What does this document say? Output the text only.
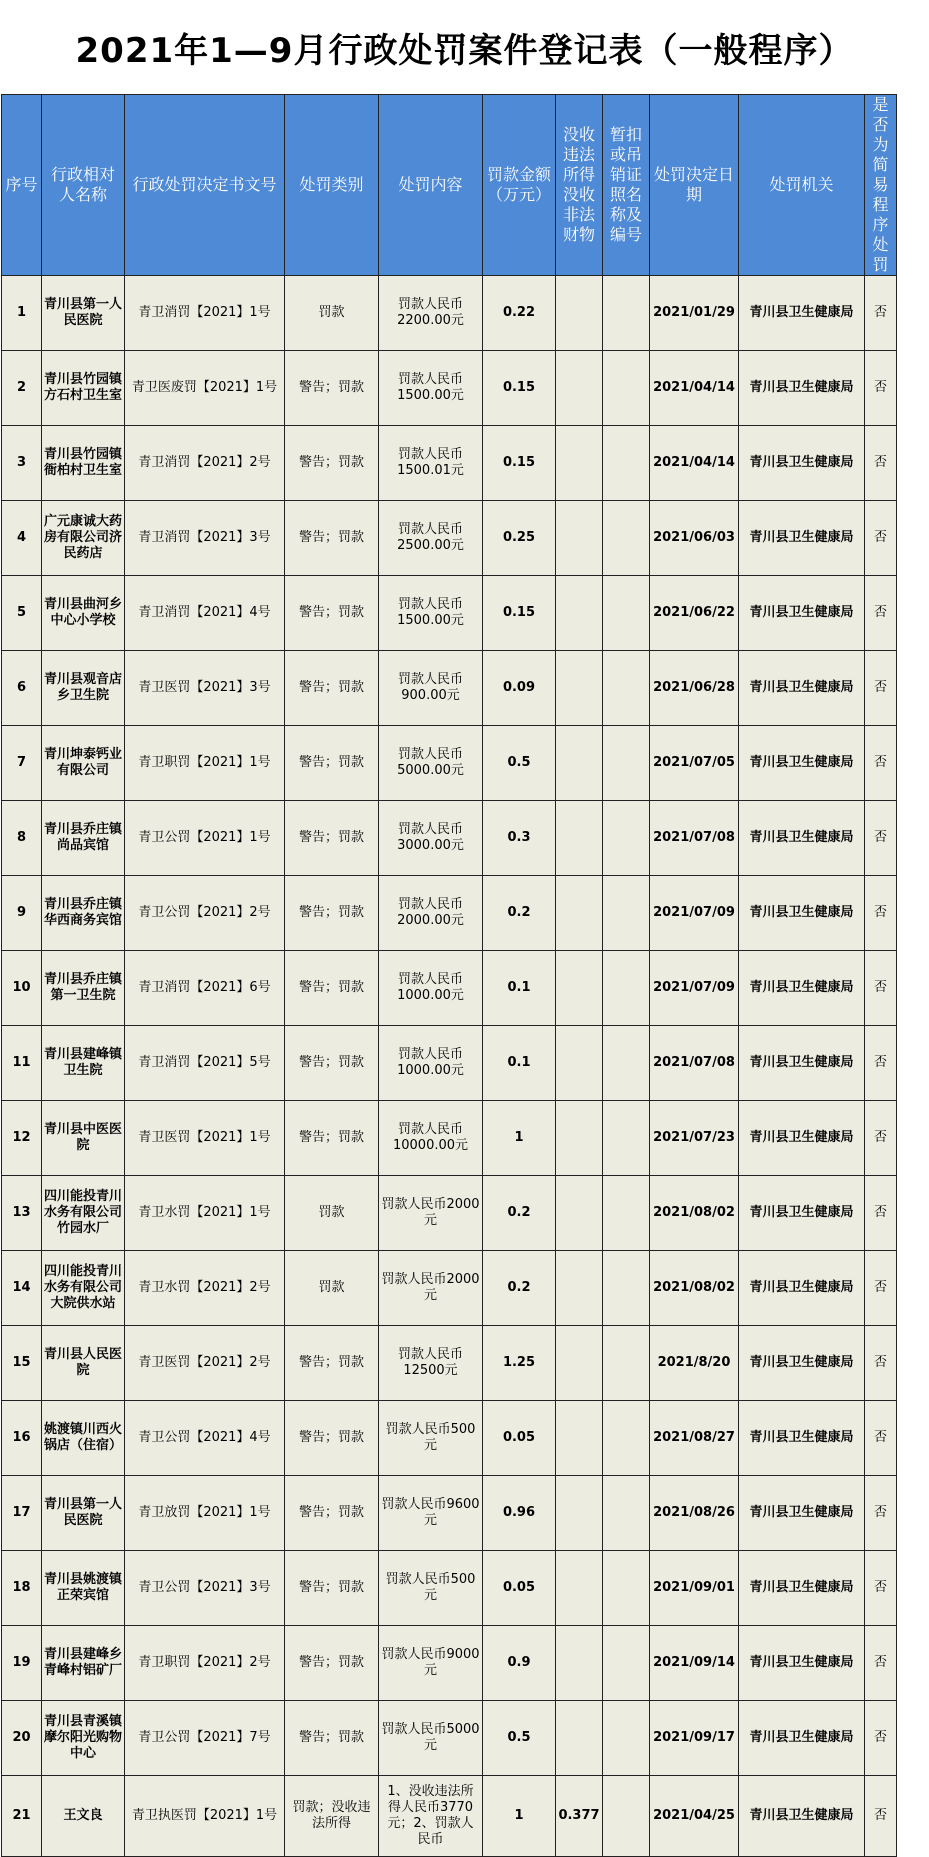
2021年1—9月行政处罚案件登记表（一般程序）
序号	行政相对人名称	行政处罚决定书文号	处罚类别	处罚内容	罚款金额（万元）	没收违法所得没收非法财物	暂扣或吊销证照名称及编号	处罚决定日期	处罚机关	是否为简易程序处罚
1	青川县第一人民医院	青卫消罚【2021】1号	罚款	罚款人民币2200.00元	0.22			2021/01/29	青川县卫生健康局	否
2	青川县竹园镇方石村卫生室	青卫医废罚【2021】1号	警告；罚款	罚款人民币1500.00元	0.15			2021/04/14	青川县卫生健康局	否
3	青川县竹园镇衙柏村卫生室	青卫消罚【2021】2号	警告；罚款	罚款人民币1500.01元	0.15			2021/04/14	青川县卫生健康局	否
4	广元康诚大药房有限公司济民药店	青卫消罚【2021】3号	警告；罚款	罚款人民币2500.00元	0.25			2021/06/03	青川县卫生健康局	否
5	青川县曲河乡中心小学校	青卫消罚【2021】4号	警告；罚款	罚款人民币1500.00元	0.15			2021/06/22	青川县卫生健康局	否
6	青川县观音店乡卫生院	青卫医罚【2021】3号	警告；罚款	罚款人民币900.00元	0.09			2021/06/28	青川县卫生健康局	否
7	青川坤泰钙业有限公司	青卫职罚【2021】1号	警告；罚款	罚款人民币5000.00元	0.5			2021/07/05	青川县卫生健康局	否
8	青川县乔庄镇尚品宾馆	青卫公罚【2021】1号	警告；罚款	罚款人民币3000.00元	0.3			2021/07/08	青川县卫生健康局	否
9	青川县乔庄镇华西商务宾馆	青卫公罚【2021】2号	警告；罚款	罚款人民币2000.00元	0.2			2021/07/09	青川县卫生健康局	否
10	青川县乔庄镇第一卫生院	青卫消罚【2021】6号	警告；罚款	罚款人民币1000.00元	0.1			2021/07/09	青川县卫生健康局	否
11	青川县建峰镇卫生院	青卫消罚【2021】5号	警告；罚款	罚款人民币1000.00元	0.1			2021/07/08	青川县卫生健康局	否
12	青川县中医医院	青卫医罚【2021】1号	警告；罚款	罚款人民币10000.00元	1			2021/07/23	青川县卫生健康局	否
13	四川能投青川水务有限公司竹园水厂	青卫水罚【2021】1号	罚款	罚款人民币2000元	0.2			2021/08/02	青川县卫生健康局	否
14	四川能投青川水务有限公司大院供水站	青卫水罚【2021】2号	罚款	罚款人民币2000元	0.2			2021/08/02	青川县卫生健康局	否
15	青川县人民医院	青卫医罚【2021】2号	警告；罚款	罚款人民币12500元	1.25			2021/8/20	青川县卫生健康局	否
16	姚渡镇川西火锅店（住宿）	青卫公罚【2021】4号	警告；罚款	罚款人民币500元	0.05			2021/08/27	青川县卫生健康局	否
17	青川县第一人民医院	青卫放罚【2021】1号	警告；罚款	罚款人民币9600元	0.96			2021/08/26	青川县卫生健康局	否
18	青川县姚渡镇正荣宾馆	青卫公罚【2021】3号	警告；罚款	罚款人民币500元	0.05			2021/09/01	青川县卫生健康局	否
19	青川县建峰乡青峰村铝矿厂	青卫职罚【2021】2号	警告；罚款	罚款人民币9000元	0.9			2021/09/14	青川县卫生健康局	否
20	青川县青溪镇摩尔阳光购物中心	青卫公罚【2021】7号	警告；罚款	罚款人民币5000元	0.5			2021/09/17	青川县卫生健康局	否
21	王文良	青卫执医罚【2021】1号	罚款；没收违法所得	1、没收违法所得人民币3770元；2、罚款人民币	1	0.377		2021/04/25	青川县卫生健康局	否
